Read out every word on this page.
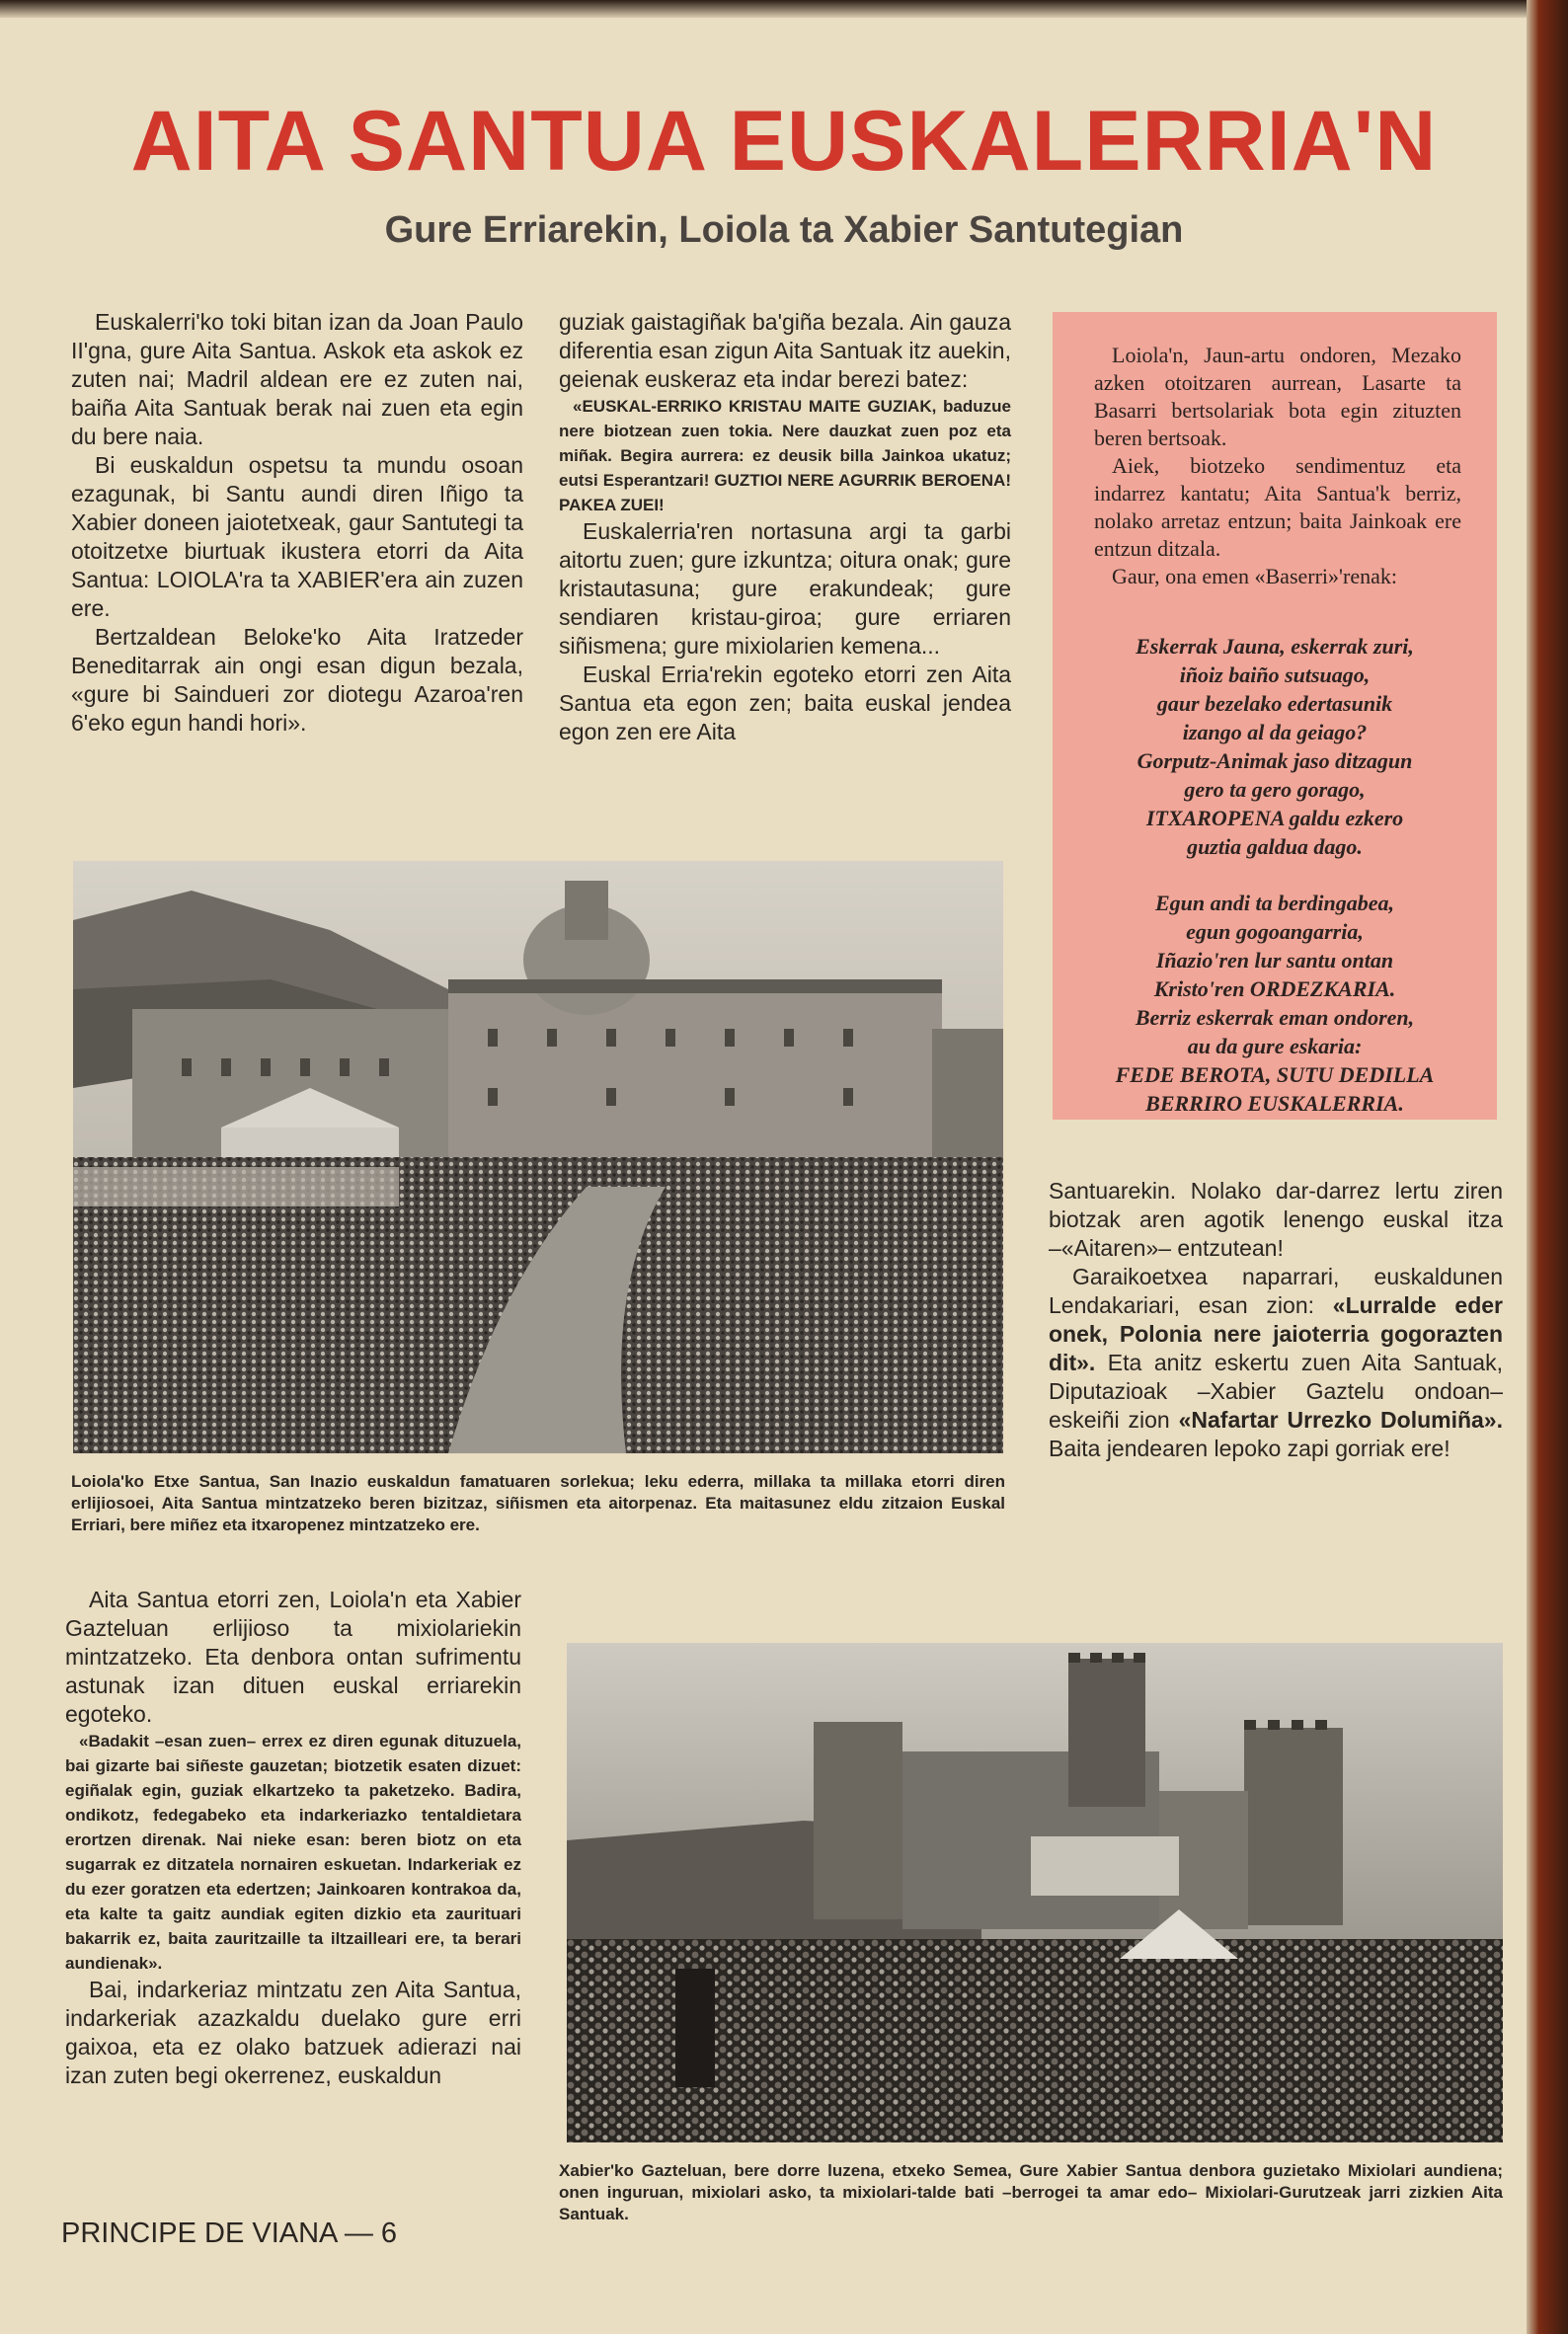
AITA SANTUA EUSKALERRIA'N
Gure Erriarekin, Loiola ta Xabier Santutegian

Euskalerri'ko toki bitan izan da Joan Paulo II'gna, gure Aita Santua. Askok eta askok ez zuten nai; Madril aldean ere ez zuten nai, baiña Aita Santuak berak nai zuen eta egin du bere naia.

Bi euskaldun ospetsu ta mundu osoan ezagunak, bi Santu aundi diren Iñigo ta Xabier doneen jaiotetxeak, gaur Santutegi ta otoitzetxe biurtuak ikustera etorri da Aita Santua: LOIOLA'ra ta XABIER'era ain zuzen ere.

Bertzaldean Beloke'ko Aita Iratzeder Beneditarrak ain ongi esan digun bezala, «gure bi Saindueri zor diotegu Azaroa'ren 6'eko egun handi hori».

guziak gaistagiñak ba'giña bezala. Ain gauza diferentia esan zigun Aita Santuak itz auekin, geienak euskeraz eta indar berezi batez:

«EUSKAL-ERRIKO KRISTAU MAITE GUZIAK, baduzue nere biotzean zuen tokia. Nere dauzkat zuen poz eta miñak. Begira aurrera: ez deusik billa Jainkoa ukatuz; eutsi Esperantzari! GUZTIOI NERE AGURRIK BEROENA! PAKEA ZUEI!

Euskalerria'ren nortasuna argi ta garbi aitortu zuen; gure izkuntza; oitura onak; gure kristautasuna; gure erakundeak; gure sendiaren kristau-giroa; gure erriaren siñismena; gure mixiolarien kemena...

Euskal Erria'rekin egoteko etorri zen Aita Santua eta egon zen; baita euskal jendea egon zen ere Aita

Loiola'n, Jaun-artu ondoren, Mezako azken otoitzaren aurrean, Lasarte ta Basarri bertsolariak bota egin zituzten beren bertsoak.

Aiek, biotzeko sendimentuz eta indarrez kantatu; Aita Santua'k berriz, nolako arretaz entzun; baita Jainkoak ere entzun ditzala.

Gaur, ona emen «Baserri»'renak:

Eskerrak Jauna, eskerrak zuri,

iñoiz baiño sutsuago,

gaur bezelako edertasunik

izango al da geiago?

Gorputz-Animak jaso ditzagun

gero ta gero gorago,

ITXAROPENA galdu ezkero

guztia galdua dago.

Egun andi ta berdingabea,

egun gogoangarria,

Iñazio'ren lur santu ontan

Kristo'ren ORDEZKARIA.

Berriz eskerrak eman ondoren,

au da gure eskaria:

FEDE BEROTA, SUTU DEDILLA

BERRIRO EUSKALERRIA.

Loiola'ko Etxe Santua, San Inazio euskaldun famatuaren sorlekua; leku ederra, millaka ta millaka etorri diren erlijiosoei, Aita Santua mintzatzeko beren bizitzaz, siñismen eta aitorpenaz. Eta maitasunez eldu zitzaion Euskal Erriari, bere miñez eta itxaropenez mintzatzeko ere.

Santuarekin. Nolako dar-darrez lertu ziren biotzak aren agotik lenengo euskal itza –«Aitaren»– entzutean!

Garaikoetxea naparrari, euskaldunen Lendakariari, esan zion: «Lurralde eder onek, Polonia nere jaioterria gogorazten dit». Eta anitz eskertu zuen Aita Santuak, Diputazioak –Xabier Gaztelu ondoan– eskeiñi zion «Nafartar Urrezko Dolumiña». Baita jendearen lepoko zapi gorriak ere!

Aita Santua etorri zen, Loiola'n eta Xabier Gazteluan erlijioso ta mixiolariekin mintzatzeko. Eta denbora ontan sufrimentu astunak izan dituen euskal erriarekin egoteko.

«Badakit –esan zuen– errex ez diren egunak dituzuela, bai gizarte bai siñeste gauzetan; biotzetik esaten dizuet: egiñalak egin, guziak elkartzeko ta paketzeko. Badira, ondikotz, fedegabeko eta indarkeriazko tentaldietara erortzen direnak. Nai nieke esan: beren biotz on eta sugarrak ez ditzatela nornairen eskuetan. Indarkeriak ez du ezer goratzen eta edertzen; Jainkoaren kontrakoa da, eta kalte ta gaitz aundiak egiten dizkio eta zaurituari bakarrik ez, baita zauritzaille ta iltzailleari ere, ta berari aundienak».

Bai, indarkeriaz mintzatu zen Aita Santua, indarkeriak azazkaldu duelako gure erri gaixoa, eta ez olako batzuek adierazi nai izan zuten begi okerrenez, euskaldun

Xabier'ko Gazteluan, bere dorre luzena, etxeko Semea, Gure Xabier Santua denbora guzietako Mixiolari aundiena; onen inguruan, mixiolari asko, ta mixiolari-talde bati –berrogei ta amar edo– Mixiolari-Gurutzeak jarri zizkien Aita Santuak.
PRINCIPE DE VIANA — 6
